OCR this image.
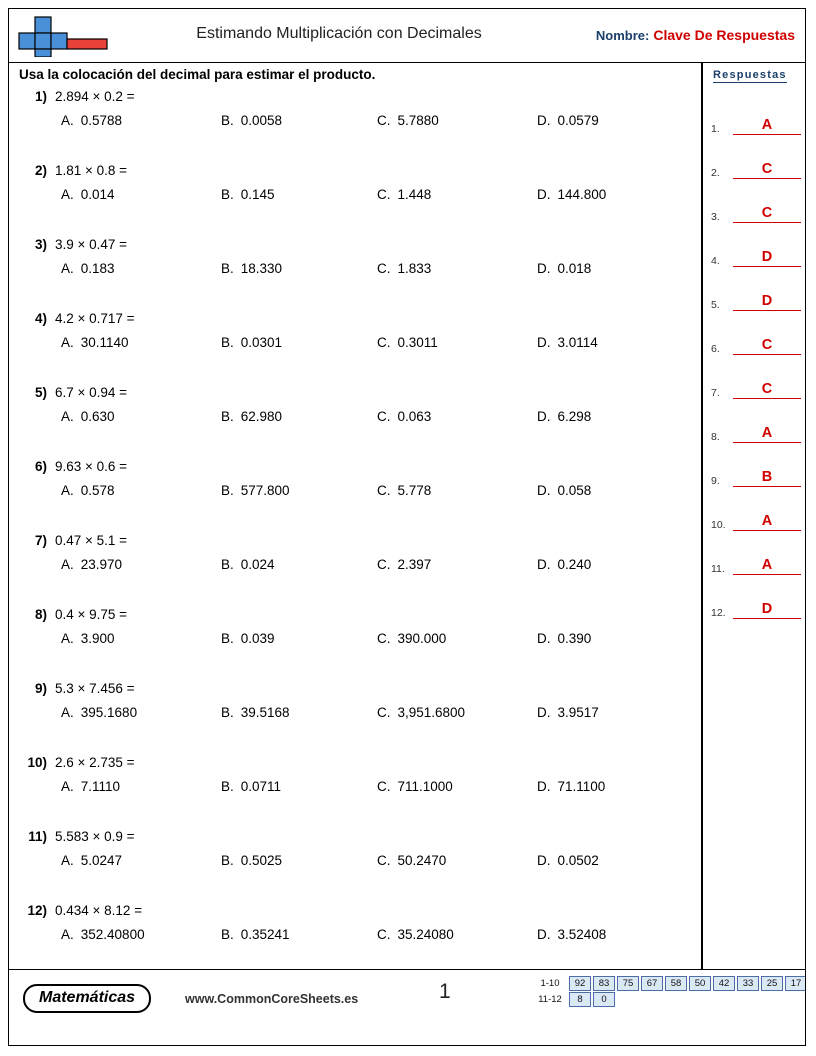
Estimando Multiplicación con Decimales	Nombre: Clave De Respuestas
Usa la colocación del decimal para estimar el producto.
1) 2.894 × 0.2 =
A. 0.5788	B. 0.0058	C. 5.7880	D. 0.0579
2) 1.81 × 0.8 =
A. 0.014	B. 0.145	C. 1.448	D. 144.800
3) 3.9 × 0.47 =
A. 0.183	B. 18.330	C. 1.833	D. 0.018
4) 4.2 × 0.717 =
A. 30.1140	B. 0.0301	C. 0.3011	D. 3.0114
5) 6.7 × 0.94 =
A. 0.630	B. 62.980	C. 0.063	D. 6.298
6) 9.63 × 0.6 =
A. 0.578	B. 577.800	C. 5.778	D. 0.058
7) 0.47 × 5.1 =
A. 23.970	B. 0.024	C. 2.397	D. 0.240
8) 0.4 × 9.75 =
A. 3.900	B. 0.039	C. 390.000	D. 0.390
9) 5.3 × 7.456 =
A. 395.1680	B. 39.5168	C. 3,951.6800	D. 3.9517
10) 2.6 × 2.735 =
A. 7.1110	B. 0.0711	C. 711.1000	D. 71.1100
11) 5.583 × 0.9 =
A. 5.0247	B. 0.5025	C. 50.2470	D. 0.0502
12) 0.434 × 8.12 =
A. 352.40800	B. 0.35241	C. 35.24080	D. 3.52408
Respuestas
1.	A
2.	C
3.	C
4.	D
5.	D
6.	C
7.	C
8.	A
9.	B
10.	A
11.	A
12.	D
Matemáticas	www.CommonCoreSheets.es	1	1-10	92	83	75	67	58	50	42	33	25	17
11-12	8	0
